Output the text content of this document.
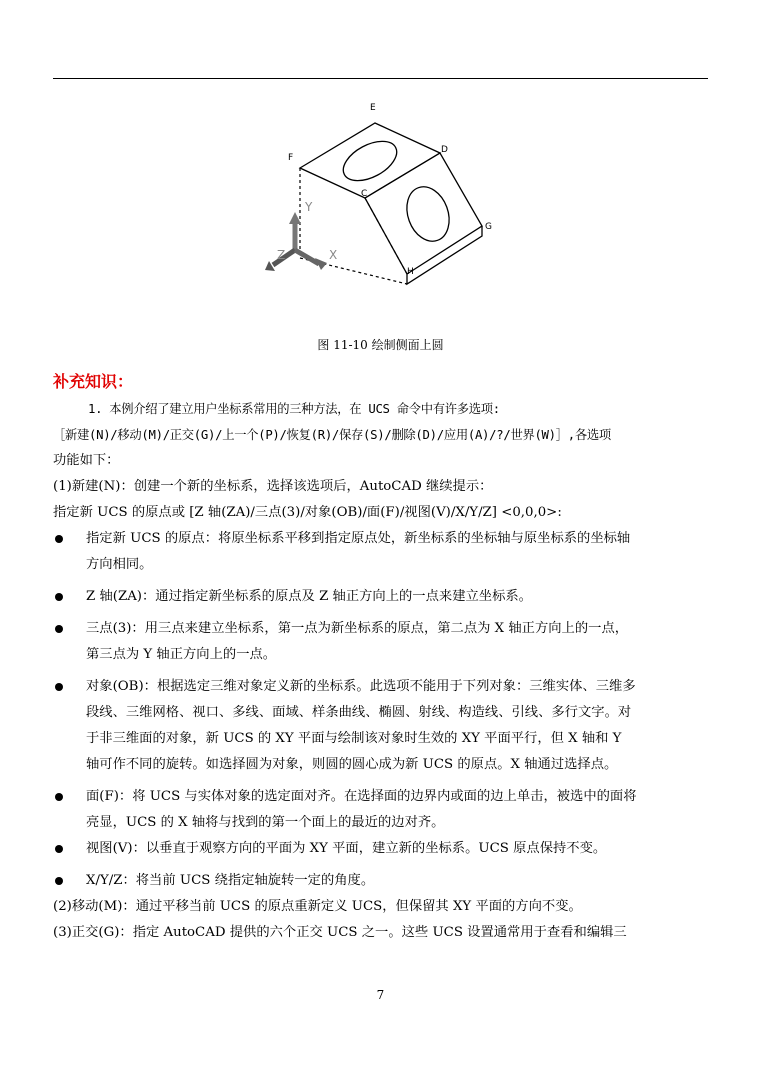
E
F
D
C
G
H
Y
Z	X
图 11-10 绘制侧面上圆
补充知识：
1. 本例介绍了建立用户坐标系常用的三种方法，在 UCS 命令中有许多选项:
［新建(N)/移动(M)/正交(G)/上一个(P)/恢复(R)/保存(S)/删除(D)/应用(A)/?/世界(W)］,各选项
功能如下：
(1)新建(N)：创建一个新的坐标系，选择该选项后，AutoCAD 继续提示：
指定新 UCS 的原点或 [Z 轴(ZA)/三点(3)/对象(OB)/面(F)/视图(V)/X/Y/Z] <0,0,0>:
指定新 UCS 的原点：将原坐标系平移到指定原点处，新坐标系的坐标轴与原坐标系的坐标轴
方向相同。
Z 轴(ZA)：通过指定新坐标系的原点及 Z 轴正方向上的一点来建立坐标系。
三点(3)：用三点来建立坐标系，第一点为新坐标系的原点，第二点为 X 轴正方向上的一点，
第三点为 Y 轴正方向上的一点。
对象(OB)：根据选定三维对象定义新的坐标系。此选项不能用于下列对象：三维实体、三维多
段线、三维网格、视口、多线、面域、样条曲线、椭圆、射线、构造线、引线、多行文字。对
于非三维面的对象，新 UCS 的 XY 平面与绘制该对象时生效的 XY 平面平行，但 X 轴和 Y
轴可作不同的旋转。如选择圆为对象，则圆的圆心成为新 UCS 的原点。X 轴通过选择点。
面(F)：将 UCS 与实体对象的选定面对齐。在选择面的边界内或面的边上单击，被选中的面将
亮显，UCS 的 X 轴将与找到的第一个面上的最近的边对齐。
视图(V)：以垂直于观察方向的平面为 XY 平面，建立新的坐标系。UCS 原点保持不变。
X/Y/Z：将当前 UCS 绕指定轴旋转一定的角度。
(2)移动(M)：通过平移当前 UCS 的原点重新定义 UCS，但保留其 XY 平面的方向不变。
(3)正交(G)：指定 AutoCAD 提供的六个正交 UCS 之一。这些 UCS 设置通常用于查看和编辑三
7
